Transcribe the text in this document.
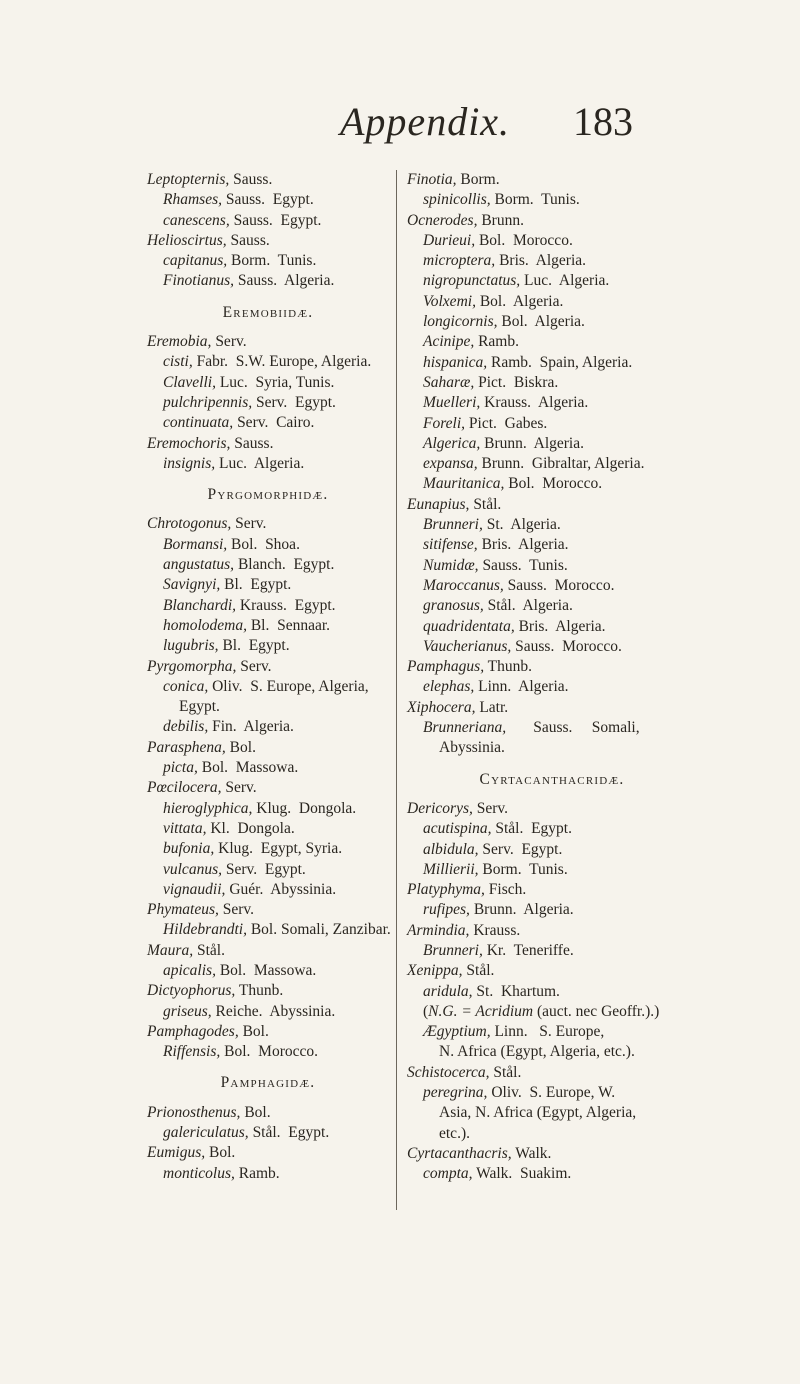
Appendix. 183
Leptopternis, Sauss.
Rhamses, Sauss.  Egypt.
canescens, Sauss.  Egypt.
Helioscirtus, Sauss.
capitanus, Borm.  Tunis.
Finotianus, Sauss.  Algeria.
Eremobiidæ.
Eremobia, Serv.
cisti, Fabr.  S.W. Europe, Algeria.
Clavelli, Luc.  Syria, Tunis.
pulchripennis, Serv.  Egypt.
continuata, Serv.  Cairo.
Eremochoris, Sauss.
insignis, Luc.  Algeria.
Pyrgomorphidæ.
Chrotogonus, Serv.
Bormansi, Bol.  Shoa.
angustatus, Blanch.  Egypt.
Savignyi, Bl.  Egypt.
Blanchardi, Krauss.  Egypt.
homolodema, Bl.  Sennaar.
lugubris, Bl.  Egypt.
Pyrgomorpha, Serv.
conica, Oliv.  S. Europe, Algeria,
Egypt.
debilis, Fin.  Algeria.
Parasphena, Bol.
picta, Bol.  Massowa.
Pœcilocera, Serv.
hieroglyphica, Klug.  Dongola.
vittata, Kl.  Dongola.
bufonia, Klug.  Egypt, Syria.
vulcanus, Serv.  Egypt.
vignaudii, Guér.  Abyssinia.
Phymateus, Serv.
Hildebrandti, Bol. Somali, Zanzibar.
Maura, Stål.
apicalis, Bol.  Massowa.
Dictyophorus, Thunb.
griseus, Reiche.  Abyssinia.
Pamphagodes, Bol.
Riffensis, Bol.  Morocco.
Pamphagidæ.
Prionosthenus, Bol.
galericulatus, Stål.  Egypt.
Eumigus, Bol.
monticolus, Ramb.
Finotia, Borm.
spinicollis, Borm.  Tunis.
Ocnerodes, Brunn.
Durieui, Bol.  Morocco.
microptera, Bris.  Algeria.
nigropunctatus, Luc.  Algeria.
Volxemi, Bol.  Algeria.
longicornis, Bol.  Algeria.
Acinipe, Ramb.
hispanica, Ramb.  Spain, Algeria.
Saharæ, Pict.  Biskra.
Muelleri, Krauss.  Algeria.
Foreli, Pict.  Gabes.
Algerica, Brunn.  Algeria.
expansa, Brunn.  Gibraltar, Algeria.
Mauritanica, Bol.  Morocco.
Eunapius, Stål.
Brunneri, St.  Algeria.
sitifense, Bris.  Algeria.
Numidæ, Sauss.  Tunis.
Maroccanus, Sauss.  Morocco.
granosus, Stål.  Algeria.
quadridentata, Bris.  Algeria.
Vaucherianus, Sauss.  Morocco.
Pamphagus, Thunb.
elephas, Linn.  Algeria.
Xiphocera, Latr.
Brunneriana,       Sauss.     Somali,
Abyssinia.
Cyrtacanthacridæ.
Dericorys, Serv.
acutispina, Stål.  Egypt.
albidula, Serv.  Egypt.
Millierii, Borm.  Tunis.
Platyphyma, Fisch.
rufipes, Brunn.  Algeria.
Armindia, Krauss.
Brunneri, Kr.  Teneriffe.
Xenippa, Stål.
aridula, St.  Khartum.
(N.G. = Acridium (auct. nec Geoffr.).)
Ægyptium, Linn.   S. Europe,
N. Africa (Egypt, Algeria, etc.).
Schistocerca, Stål.
peregrina, Oliv.  S. Europe, W.
Asia, N. Africa (Egypt, Algeria,
etc.).
Cyrtacanthacris, Walk.
compta, Walk.  Suakim.
